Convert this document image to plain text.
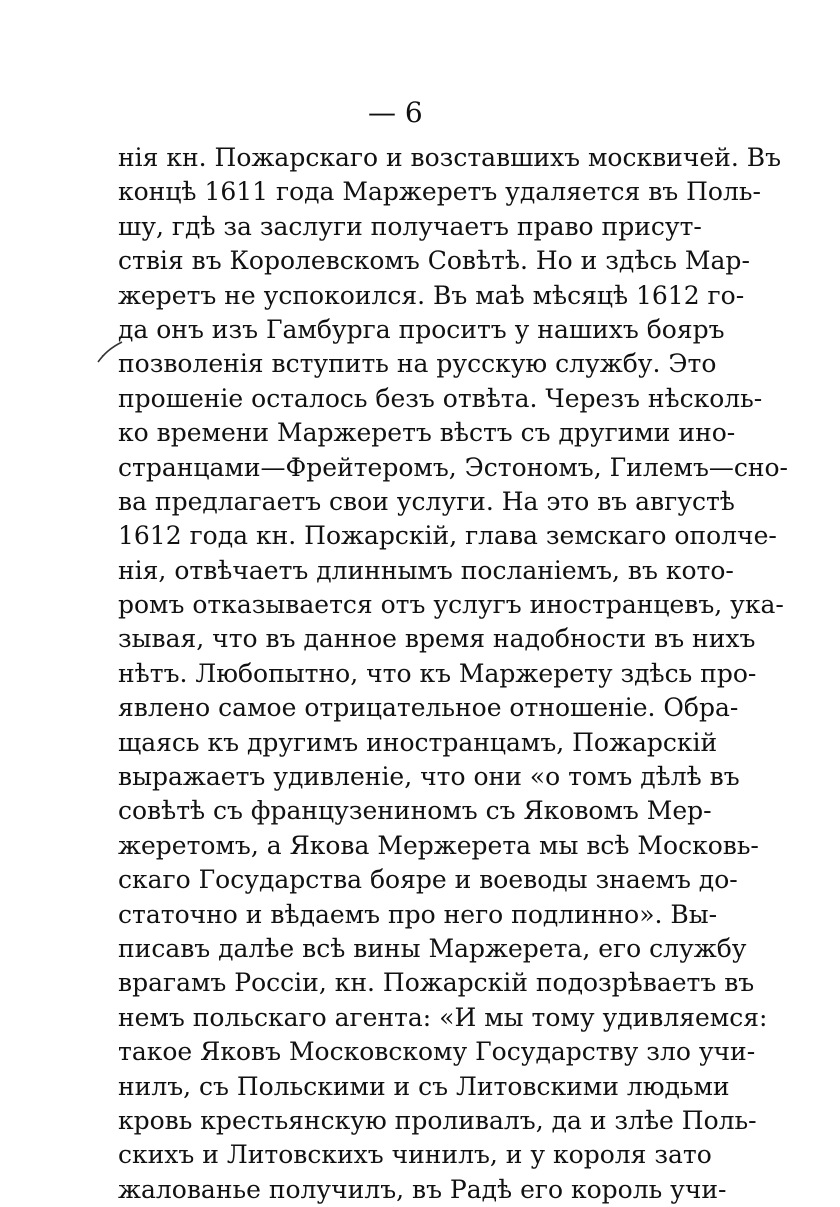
— 6
нія кн. Пожарскаго и возставшихъ москвичей. Въ
концѣ 1611 года Маржеретъ удаляется въ Поль-
шу, гдѣ за заслуги получаетъ право присут-
ствія въ Королевскомъ Совѣтѣ. Но и здѣсь Мар-
жеретъ не успокоился. Въ маѣ мѣсяцѣ 1612 го-
да онъ изъ Гамбурга проситъ у нашихъ бояръ
позволенія вступить на русскую службу. Это
прошеніе осталось безъ отвѣта. Черезъ нѣсколь-
ко времени Маржеретъ вѣстъ съ другими ино-
странцами—Фрейтеромъ, Эстономъ, Гилемъ—сно-
ва предлагаетъ свои услуги. На это въ августѣ
1612 года кн. Пожарскій, глава земскаго ополче-
нія, отвѣчаетъ длиннымъ посланіемъ, въ кото-
ромъ отказывается отъ услугъ иностранцевъ, ука-
зывая, что въ данное время надобности въ нихъ
нѣтъ. Любопытно, что къ Маржерету здѣсь про-
явлено самое отрицательное отношеніе. Обра-
щаясь къ другимъ иностранцамъ, Пожарскій
выражаетъ удивленіе, что они «о томъ дѣлѣ въ
совѣтѣ съ французениномъ съ Яковомъ Мер-
жеретомъ, а Якова Мержерета мы всѣ Московь-
скаго Государства бояре и воеводы знаемъ до-
статочно и вѣдаемъ про него подлинно». Вы-
писавъ далѣе всѣ вины Маржерета, его службу
врагамъ Россіи, кн. Пожарскій подозрѣваетъ въ
немъ польскаго агента: «И мы тому удивляемся:
такое Яковъ Московскому Государству зло учи-
нилъ, съ Польскими и съ Литовскими людьми
кровь крестьянскую проливалъ, да и злѣе Поль-
скихъ и Литовскихъ чинилъ, и у короля зато
жалованье получилъ, въ Радѣ его король учи-
